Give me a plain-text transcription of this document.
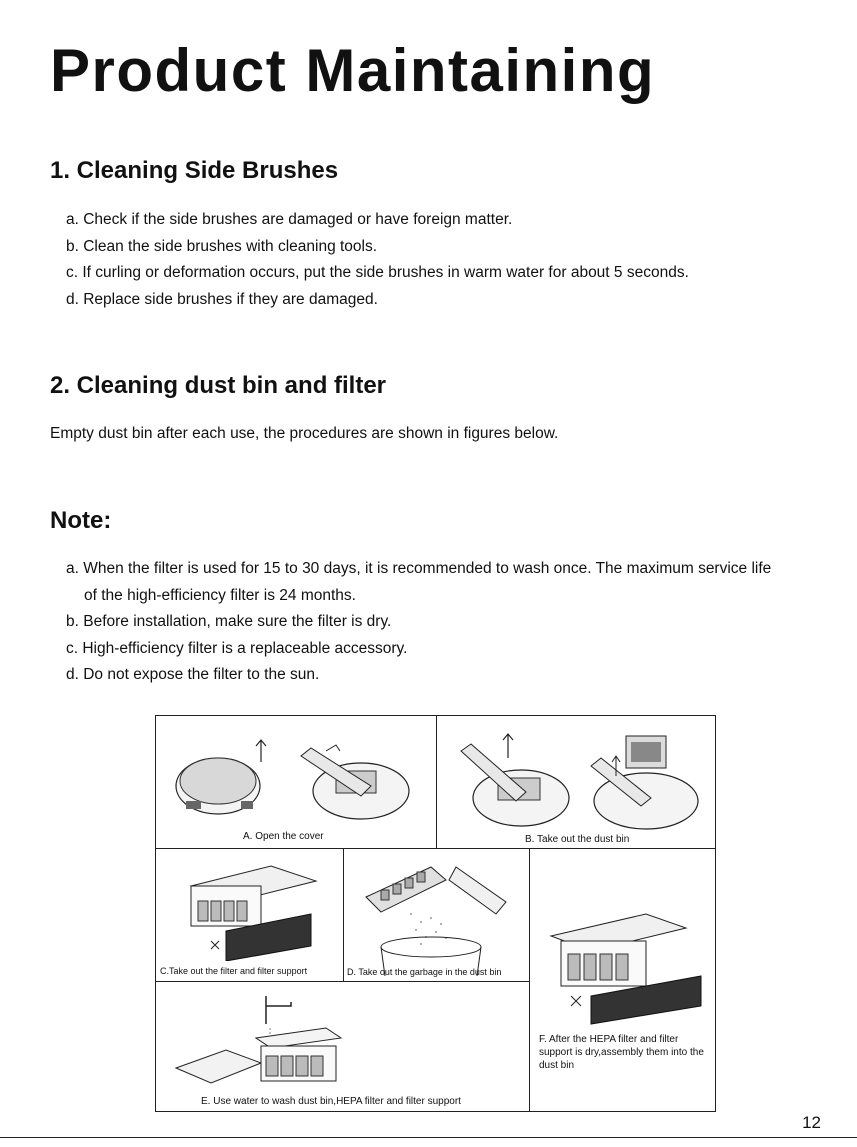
Product Maintaining
1. Cleaning Side Brushes
a. Check if the side brushes are damaged or have foreign matter.
b. Clean the side brushes with cleaning tools.
c. If curling or deformation occurs, put the side brushes in warm water for about 5 seconds.
d. Replace side brushes if they are damaged.
2. Cleaning dust bin and filter
Empty dust bin after each use, the procedures are shown in figures below.
Note:
a. When the filter is used for 15 to 30 days, it is recommended to wash once. The maximum service life
of the high-efficiency filter is 24 months.
b. Before installation, make sure the filter is dry.
c. High-efficiency filter is a replaceable accessory.
d. Do not expose the filter to the sun.
A. Open the cover	B. Take out the dust bin
C.Take out the filter and filter support	D. Take out the garbage in the dust bin
E. Use water to wash dust bin,HEPA filter and filter support
F. After the HEPA filter and filter support is dry,assembly them into the dust bin
12
